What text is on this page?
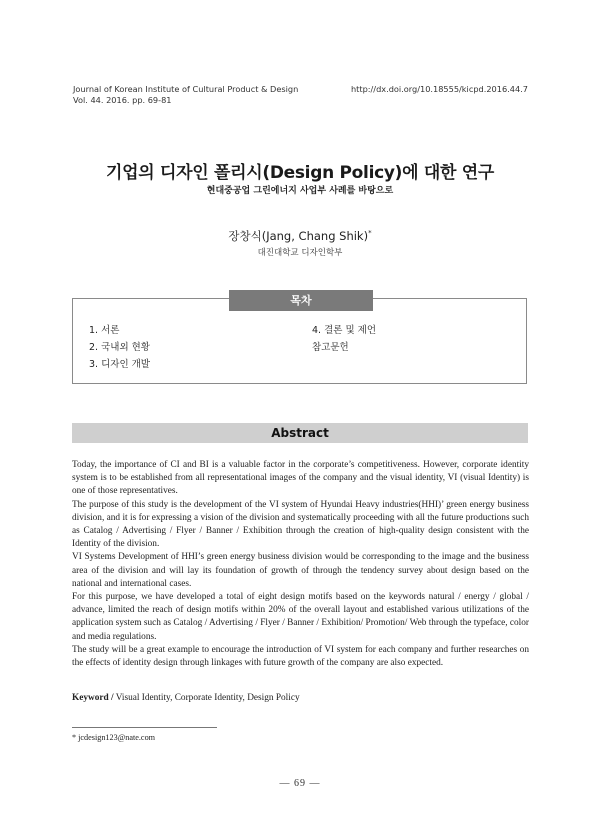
Journal of Korean Institute of Cultural Product & Design
Vol. 44. 2016. pp. 69-81
http://dx.doi.org/10.18555/kicpd.2016.44.7
기업의 디자인 폴리시(Design Policy)에 대한 연구
현대중공업 그린에너지 사업부 사례를 바탕으로
장창식(Jang, Chang Shik)*
대진대학교 디자인학부
목차
1. 서론
2. 국내외 현황
3. 디자인 개발
4. 결론 및 제언
참고문헌
Abstract

Today, the importance of CI and BI is a valuable factor in the corporate’s competitiveness. However, corporate identity system is to be established from all representational images of the company and the visual identity, VI (visual Identity) is one of those representatives.

The purpose of this study is the development of the VI system of Hyundai Heavy industries(HHI)’ green energy business division, and it is for expressing a vision of the division and systematically proceeding with all the future productions such as Catalog / Advertising / Flyer / Banner / Exhibition through the creation of high-quality design consistent with the Identity of the division.

VI Systems Development of HHI’s green energy business division would be corresponding to the image and the business area of the division and will lay its foundation of growth of through the tendency survey about design based on the national and international cases.

For this purpose, we have developed a total of eight design motifs based on the keywords natural / energy / global / advance, limited the reach of design motifs within 20% of the overall layout and established various utilizations of the application system such as Catalog / Advertising / Flyer / Banner / Exhibition/ Promotion/ Web through the typeface, color and media regulations.

The study will be a great example to encourage the introduction of VI system for each company and further researches on the effects of identity design through linkages with future growth of the company are also expected.

Keyword / Visual Identity, Corporate Identity, Design Policy
* jcdesign123@nate.com
― 69 ―
